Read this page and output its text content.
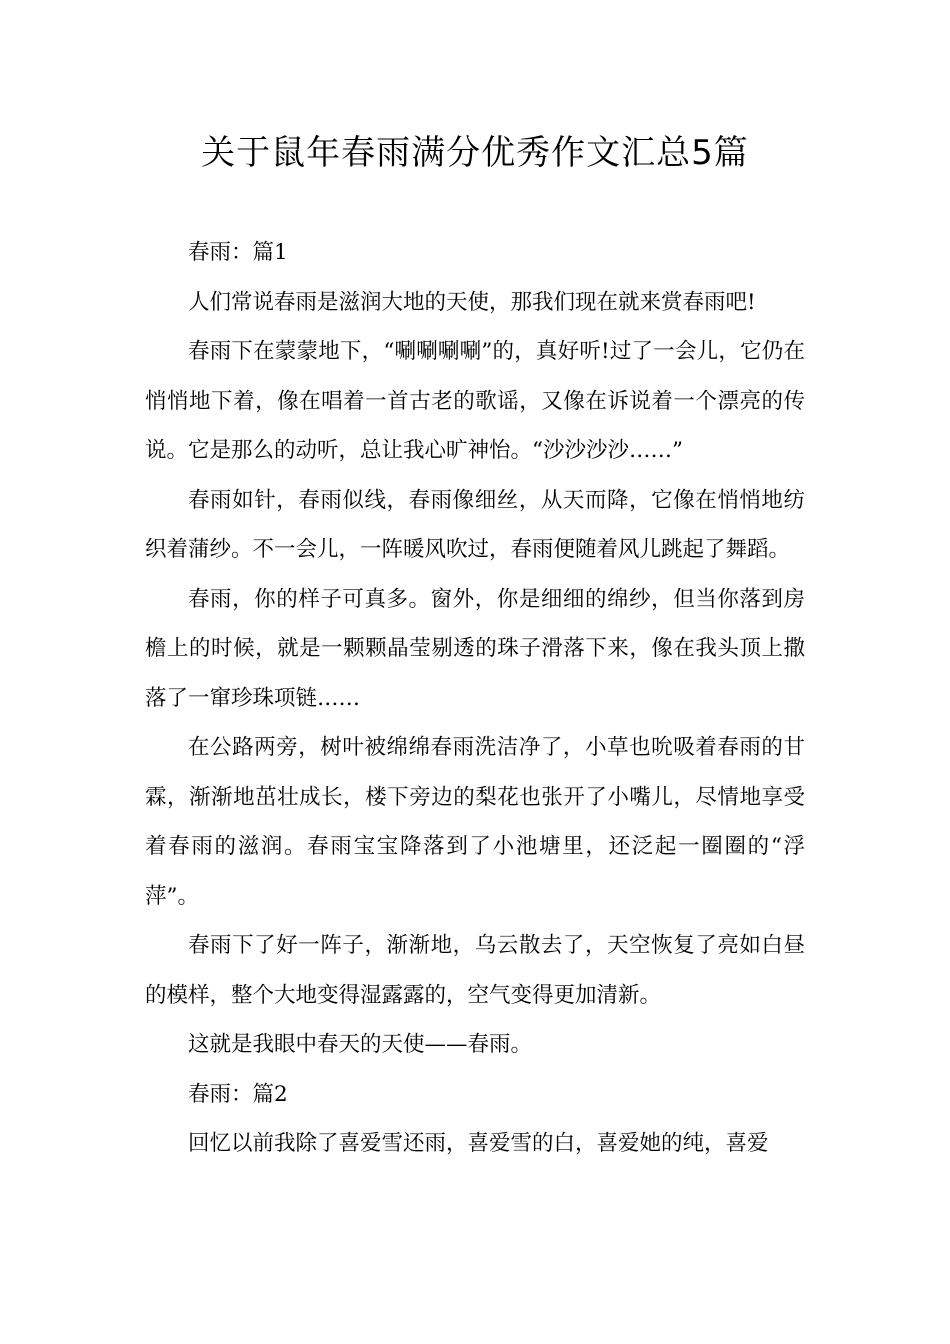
关于鼠年春雨满分优秀作文汇总5篇

春雨：篇1

人们常说春雨是滋润大地的天使，那我们现在就来赏春雨吧!

春雨下在蒙蒙地下，“唰唰唰唰”的，真好听!过了一会儿，它仍在悄悄地下着，像在唱着一首古老的歌谣，又像在诉说着一个漂亮的传说。它是那么的动听，总让我心旷神怡。“沙沙沙沙……”

春雨如针，春雨似线，春雨像细丝，从天而降，它像在悄悄地纺织着蒲纱。不一会儿，一阵暖风吹过，春雨便随着风儿跳起了舞蹈。

春雨，你的样子可真多。窗外，你是细细的绵纱，但当你落到房檐上的时候，就是一颗颗晶莹剔透的珠子滑落下来，像在我头顶上撒落了一窜珍珠项链……

在公路两旁，树叶被绵绵春雨洗洁净了，小草也吮吸着春雨的甘霖，渐渐地茁壮成长，楼下旁边的梨花也张开了小嘴儿，尽情地享受着春雨的滋润。春雨宝宝降落到了小池塘里，还泛起一圈圈的“浮萍”。

春雨下了好一阵子，渐渐地，乌云散去了，天空恢复了亮如白昼的模样，整个大地变得湿露露的，空气变得更加清新。

这就是我眼中春天的天使——春雨。

春雨：篇2

回忆以前我除了喜爱雪还雨，喜爱雪的白，喜爱她的纯，喜爱
